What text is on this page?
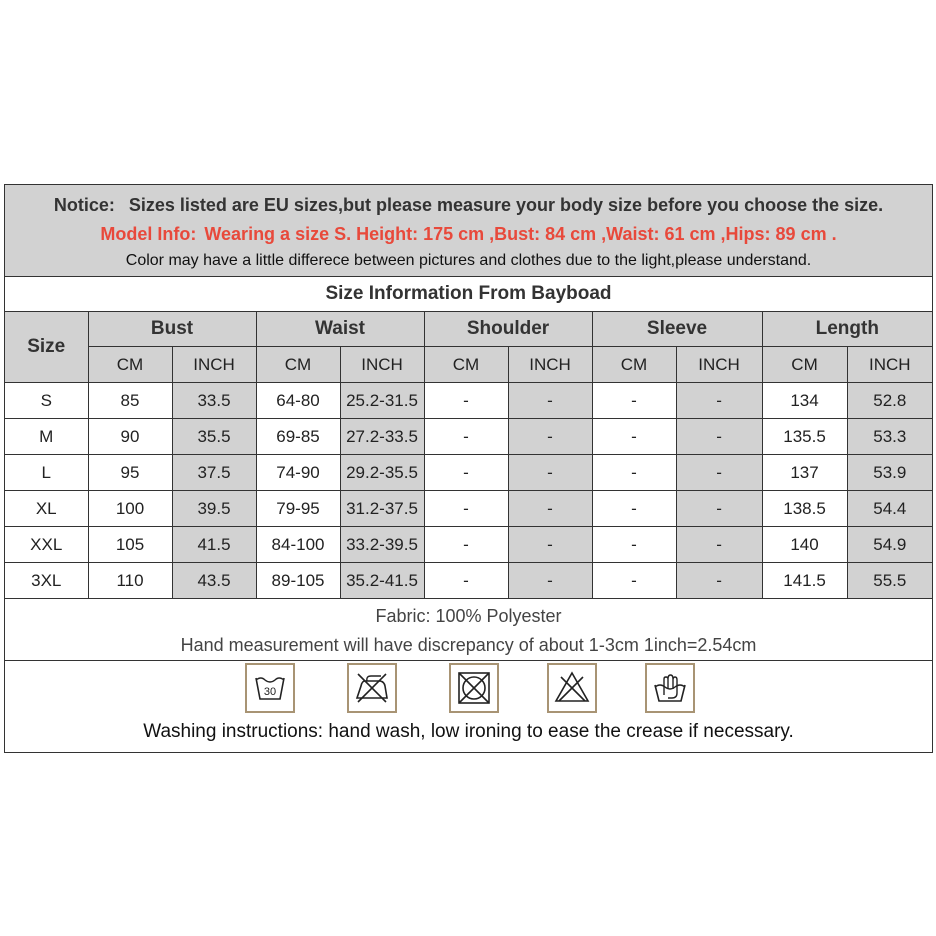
Notice: Sizes listed are EU sizes,but please measure your body size before you choose the size.
Model Info: Wearing a size S. Height: 175 cm ,Bust: 84 cm ,Waist: 61 cm ,Hips: 89 cm .
Color may have a little differece between pictures and clothes due to the light,please understand.
Size Information From Bayboad
Size	Bust		Waist		Shoulder		Sleeve		Length	
	CM	INCH	CM	INCH	CM	INCH	CM	INCH	CM	INCH
S	85	33.5	64-80	25.2-31.5	-	-	-	-	134	52.8
M	90	35.5	69-85	27.2-33.5	-	-	-	-	135.5	53.3
L	95	37.5	74-90	29.2-35.5	-	-	-	-	137	53.9
XL	100	39.5	79-95	31.2-37.5	-	-	-	-	138.5	54.4
XXL	105	41.5	84-100	33.2-39.5	-	-	-	-	140	54.9
3XL	110	43.5	89-105	35.2-41.5	-	-	-	-	141.5	55.5
Fabric: 100% Polyester
Hand measurement will have discrepancy of about 1-3cm 1inch=2.54cm
30
Washing instructions: hand wash, low ironing to ease the crease if necessary.
